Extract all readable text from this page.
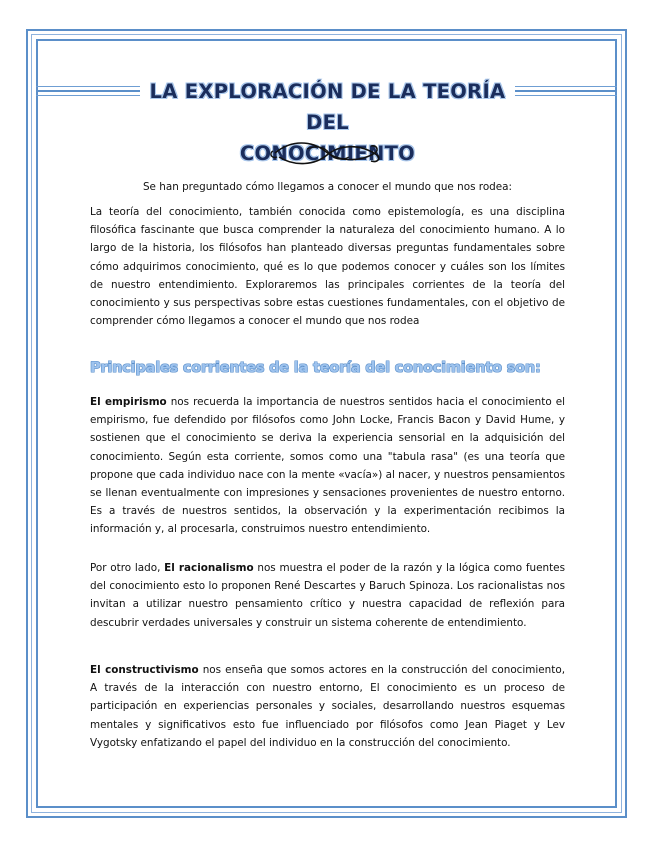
LA EXPLORACIÓN DE LA TEORÍA DEL
CONOCIMIENTO
Se han preguntado cómo llegamos a conocer el mundo que nos rodea:

La teoría del conocimiento, también conocida como epistemología, es una disciplina filosófica fascinante que busca comprender la naturaleza del conocimiento humano. A lo largo de la historia, los filósofos han planteado diversas preguntas fundamentales sobre cómo adquirimos conocimiento, qué es lo que podemos conocer y cuáles son los límites de nuestro entendimiento. Exploraremos las principales corrientes de la teoría del conocimiento y sus perspectivas sobre estas cuestiones fundamentales, con el objetivo de comprender cómo llegamos a conocer el mundo que nos rodea

Principales corrientes de la teoría del conocimiento son:

El empirismo nos recuerda la importancia de nuestros sentidos hacia el conocimiento el empirismo, fue defendido por filósofos como John Locke, Francis Bacon y David Hume, y sostienen que el conocimiento se deriva la experiencia sensorial en la adquisición del conocimiento. Según esta corriente, somos como una "tabula rasa" (es una teoría que propone que cada individuo nace con la mente «vacía») al nacer, y nuestros pensamientos se llenan eventualmente con impresiones y sensaciones provenientes de nuestro entorno. Es a través de nuestros sentidos, la observación y la experimentación recibimos la información y, al procesarla, construimos nuestro entendimiento.

Por otro lado, El racionalismo nos muestra el poder de la razón y la lógica como fuentes del conocimiento esto lo proponen René Descartes y Baruch Spinoza. Los racionalistas nos invitan a utilizar nuestro pensamiento crítico y nuestra capacidad de reflexión para descubrir verdades universales y construir un sistema coherente de entendimiento.

El constructivismo nos enseña que somos actores en la construcción del conocimiento, A través de la interacción con nuestro entorno, El conocimiento es un proceso de participación en experiencias personales y sociales, desarrollando nuestros esquemas mentales y significativos esto fue influenciado por filósofos como Jean Piaget y Lev Vygotsky enfatizando el papel del individuo en la construcción del conocimiento.
